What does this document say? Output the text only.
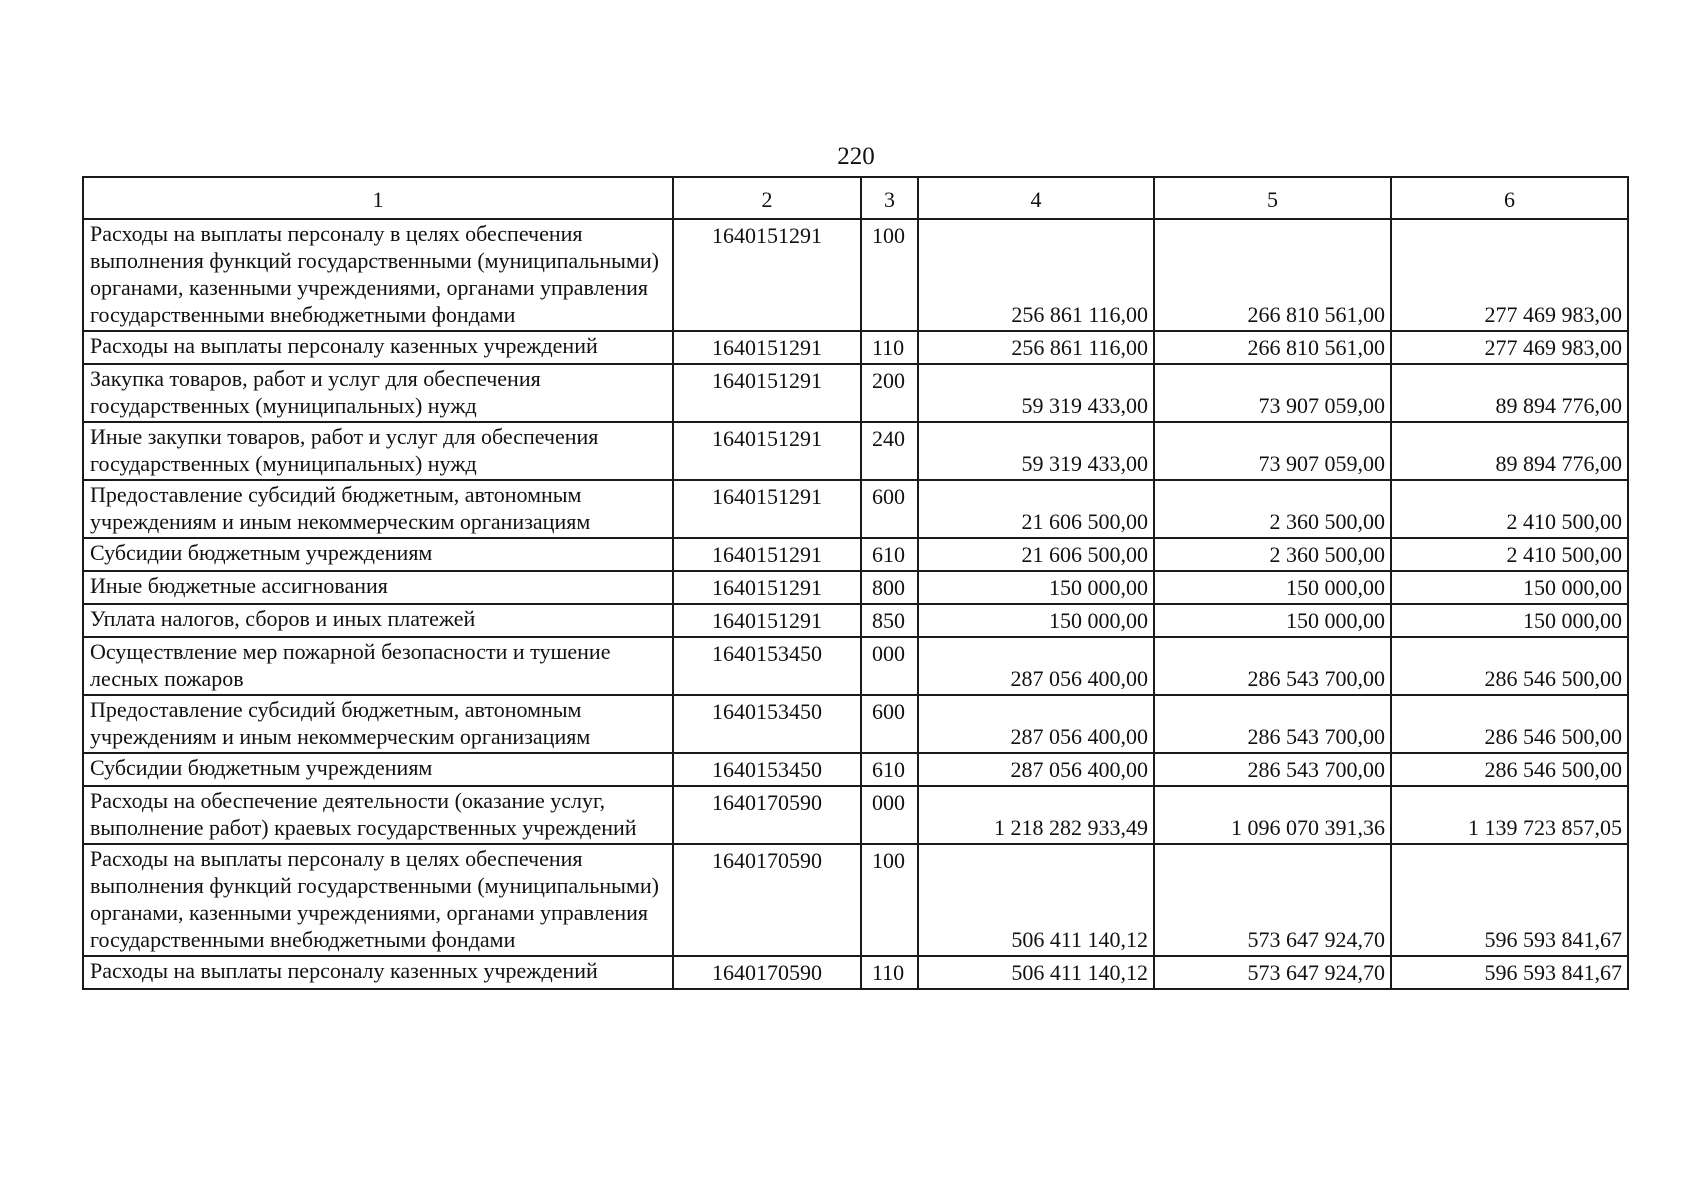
220
1	2	3	4	5	6
Расходы на выплаты персоналу в целях обеспечения выполнения функций государственными (муниципальными) органами, казенными учреждениями, органами управления государственными внебюджетными фондами	1640151291	100	256 861 116,00	266 810 561,00	277 469 983,00
Расходы на выплаты персоналу казенных учреждений	1640151291	110	256 861 116,00	266 810 561,00	277 469 983,00
Закупка товаров, работ и услуг для обеспечения государственных (муниципальных) нужд	1640151291	200	59 319 433,00	73 907 059,00	89 894 776,00
Иные закупки товаров, работ и услуг для обеспечения государственных (муниципальных) нужд	1640151291	240	59 319 433,00	73 907 059,00	89 894 776,00
Предоставление субсидий бюджетным, автономным учреждениям и иным некоммерческим организациям	1640151291	600	21 606 500,00	2 360 500,00	2 410 500,00
Субсидии бюджетным учреждениям	1640151291	610	21 606 500,00	2 360 500,00	2 410 500,00
Иные бюджетные ассигнования	1640151291	800	150 000,00	150 000,00	150 000,00
Уплата налогов, сборов и иных платежей	1640151291	850	150 000,00	150 000,00	150 000,00
Осуществление мер пожарной безопасности и тушение лесных пожаров	1640153450	000	287 056 400,00	286 543 700,00	286 546 500,00
Предоставление субсидий бюджетным, автономным учреждениям и иным некоммерческим организациям	1640153450	600	287 056 400,00	286 543 700,00	286 546 500,00
Субсидии бюджетным учреждениям	1640153450	610	287 056 400,00	286 543 700,00	286 546 500,00
Расходы на обеспечение деятельности (оказание услуг, выполнение работ) краевых государственных учреждений	1640170590	000	1 218 282 933,49	1 096 070 391,36	1 139 723 857,05
Расходы на выплаты персоналу в целях обеспечения выполнения функций государственными (муниципальными) органами, казенными учреждениями, органами управления государственными внебюджетными фондами	1640170590	100	506 411 140,12	573 647 924,70	596 593 841,67
Расходы на выплаты персоналу казенных учреждений	1640170590	110	506 411 140,12	573 647 924,70	596 593 841,67
